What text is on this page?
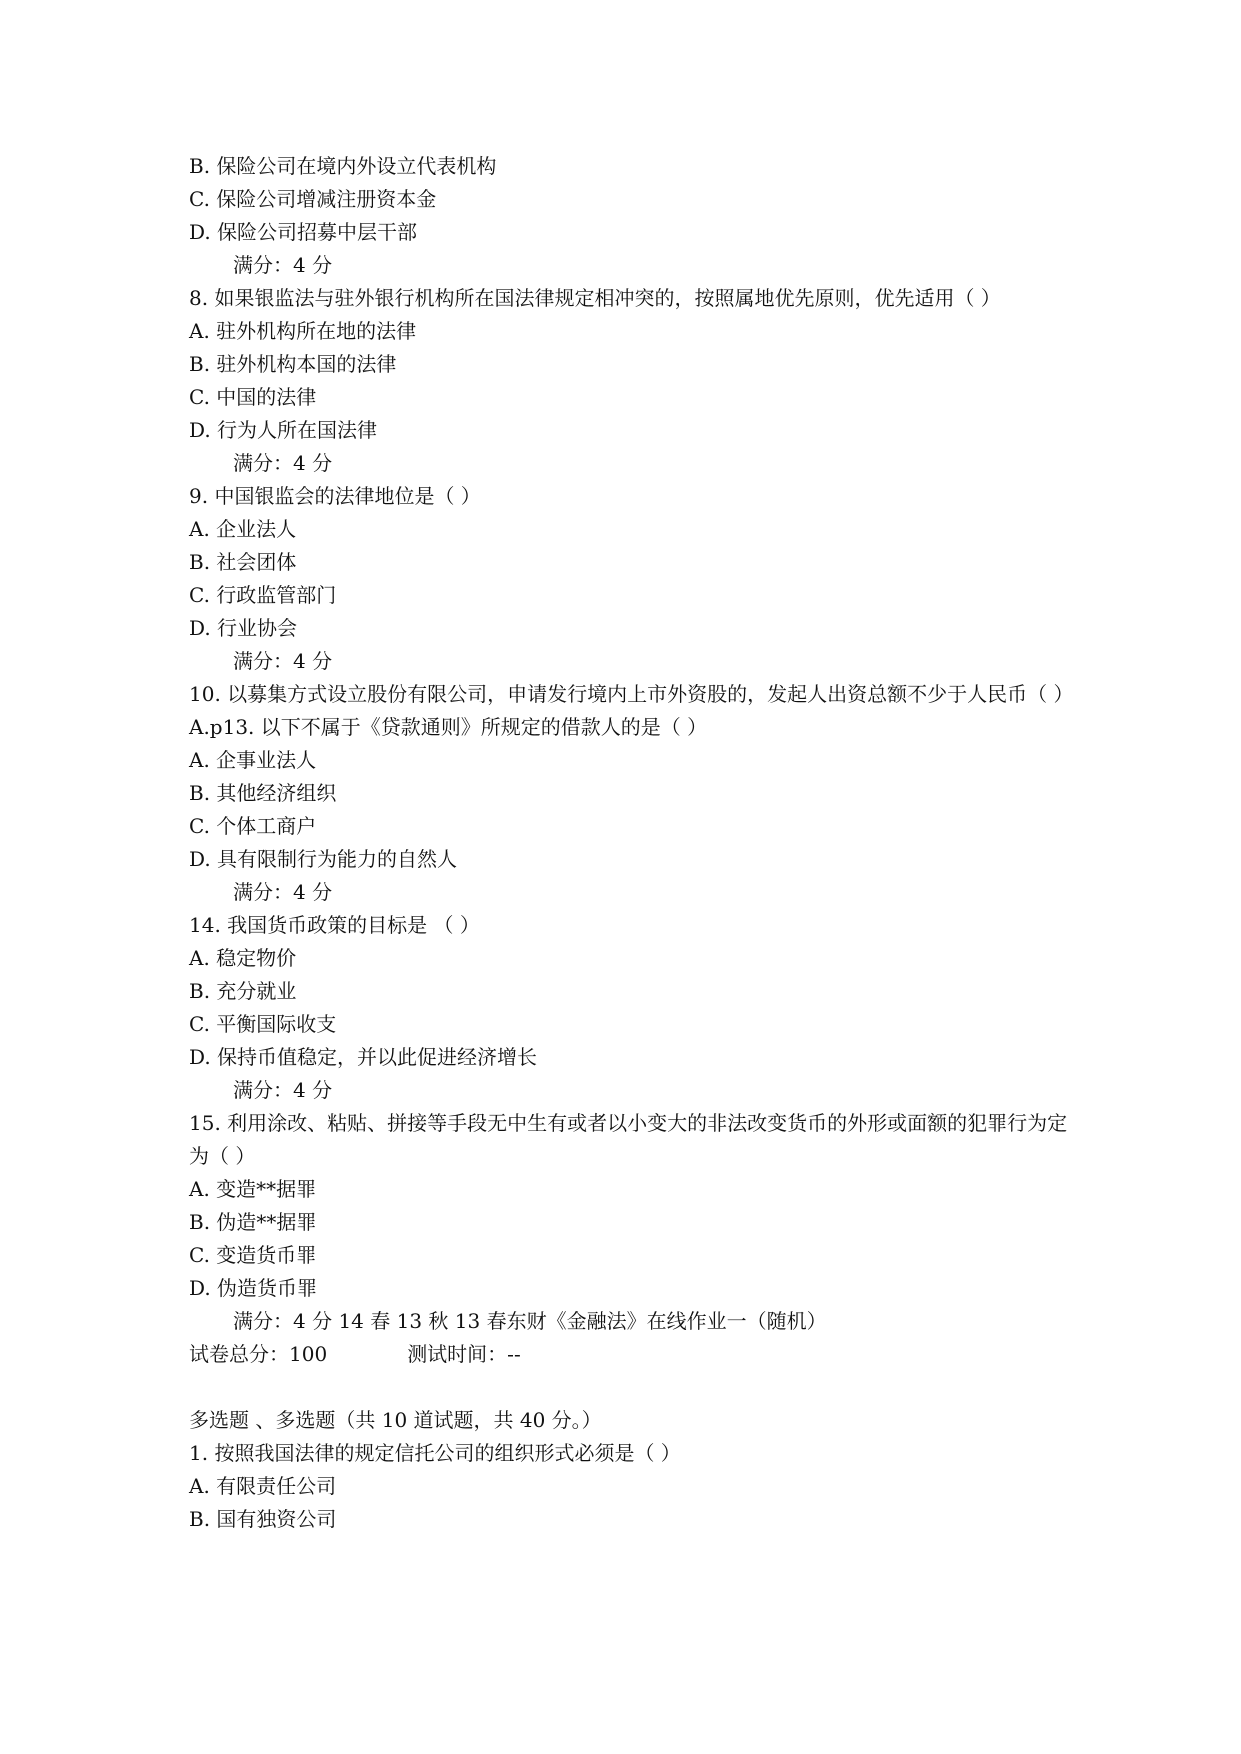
B. 保险公司在境内外设立代表机构
C. 保险公司增减注册资本金
D. 保险公司招募中层干部
满分：4 分
8. 如果银监法与驻外银行机构所在国法律规定相冲突的，按照属地优先原则，优先适用（ ）
A. 驻外机构所在地的法律
B. 驻外机构本国的法律
C. 中国的法律
D. 行为人所在国法律
满分：4 分
9. 中国银监会的法律地位是（ ）
A. 企业法人
B. 社会团体
C. 行政监管部门
D. 行业协会
满分：4 分
10. 以募集方式设立股份有限公司，申请发行境内上市外资股的，发起人出资总额不少于人民币（ ）
A.p13. 以下不属于《贷款通则》所规定的借款人的是（ ）
A. 企事业法人
B. 其他经济组织
C. 个体工商户
D. 具有限制行为能力的自然人
满分：4 分
14. 我国货币政策的目标是 （ ）
A. 稳定物价
B. 充分就业
C. 平衡国际收支
D. 保持币值稳定，并以此促进经济增长
满分：4 分
15. 利用涂改、粘贴、拼接等手段无中生有或者以小变大的非法改变货币的外形或面额的犯罪行为定为（ ）
A. 变造**据罪
B. 伪造**据罪
C. 变造货币罪
D. 伪造货币罪
满分：4 分 14 春 13 秋 13 春东财《金融法》在线作业一（随机）
试卷总分：100	测试时间：--
多选题 、多选题（共 10 道试题，共 40 分。）
1. 按照我国法律的规定信托公司的组织形式必须是（ ）
A. 有限责任公司
B. 国有独资公司
